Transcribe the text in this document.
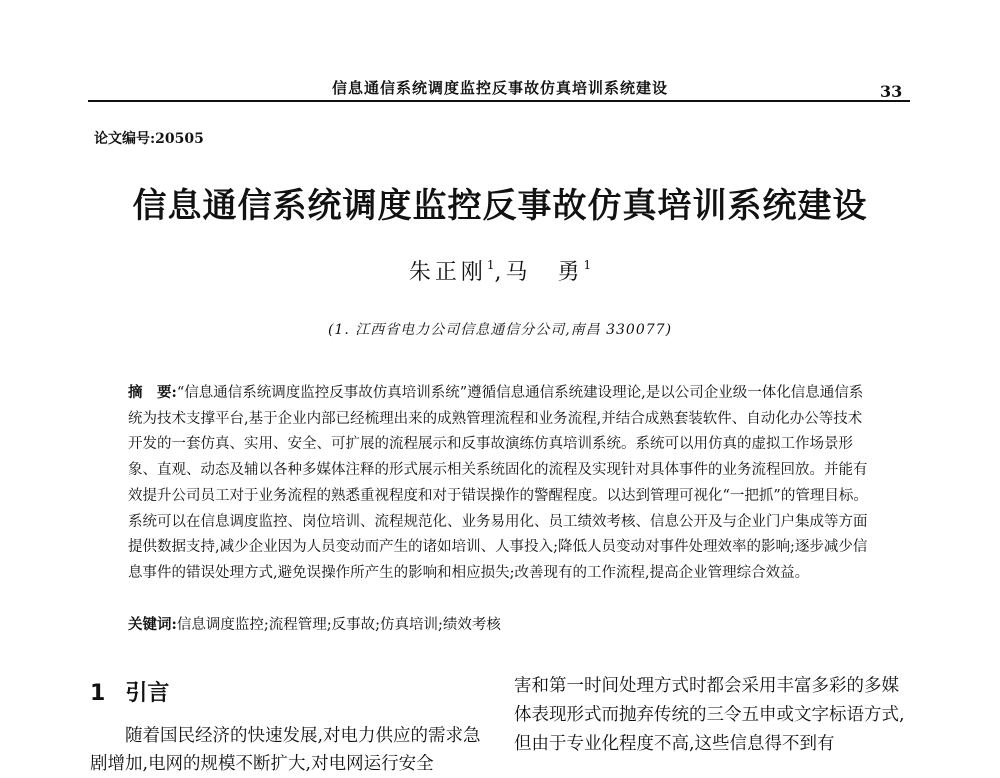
信息通信系统调度监控反事故仿真培训系统建设	33
论文编号:20505
信息通信系统调度监控反事故仿真培训系统建设
朱正刚$^1$,马　勇$^1$
(1. 江西省电力公司信息通信分公司,南昌 330077)
摘　要:“信息通信系统调度监控反事故仿真培训系统”遵循信息通信系统建设理论,是以公司企业级一体化信息通信系统为技术支撑平台,基于企业内部已经梳理出来的成熟管理流程和业务流程,并结合成熟套装软件、自动化办公等技术开发的一套仿真、实用、安全、可扩展的流程展示和反事故演练仿真培训系统。系统可以用仿真的虚拟工作场景形象、直观、动态及辅以各种多媒体注释的形式展示相关系统固化的流程及实现针对具体事件的业务流程回放。并能有效提升公司员工对于业务流程的熟悉重视程度和对于错误操作的警醒程度。以达到管理可视化“一把抓”的管理目标。系统可以在信息调度监控、岗位培训、流程规范化、业务易用化、员工绩效考核、信息公开及与企业门户集成等方面提供数据支持,减少企业因为人员变动而产生的诸如培训、人事投入;降低人员变动对事件处理效率的影响;逐步减少信息事件的错误处理方式,避免误操作所产生的影响和相应损失;改善现有的工作流程,提高企业管理综合效益。
关键词:信息调度监控;流程管理;反事故;仿真培训;绩效考核
1 引言
随着国民经济的快速发展,对电力供应的需求急剧增加,电网的规模不断扩大,对电网运行安全
害和第一时间处理方式时都会采用丰富多彩的多媒体表现形式而抛弃传统的三令五申或文字标语方式,但由于专业化程度不高,这些信息得不到有
